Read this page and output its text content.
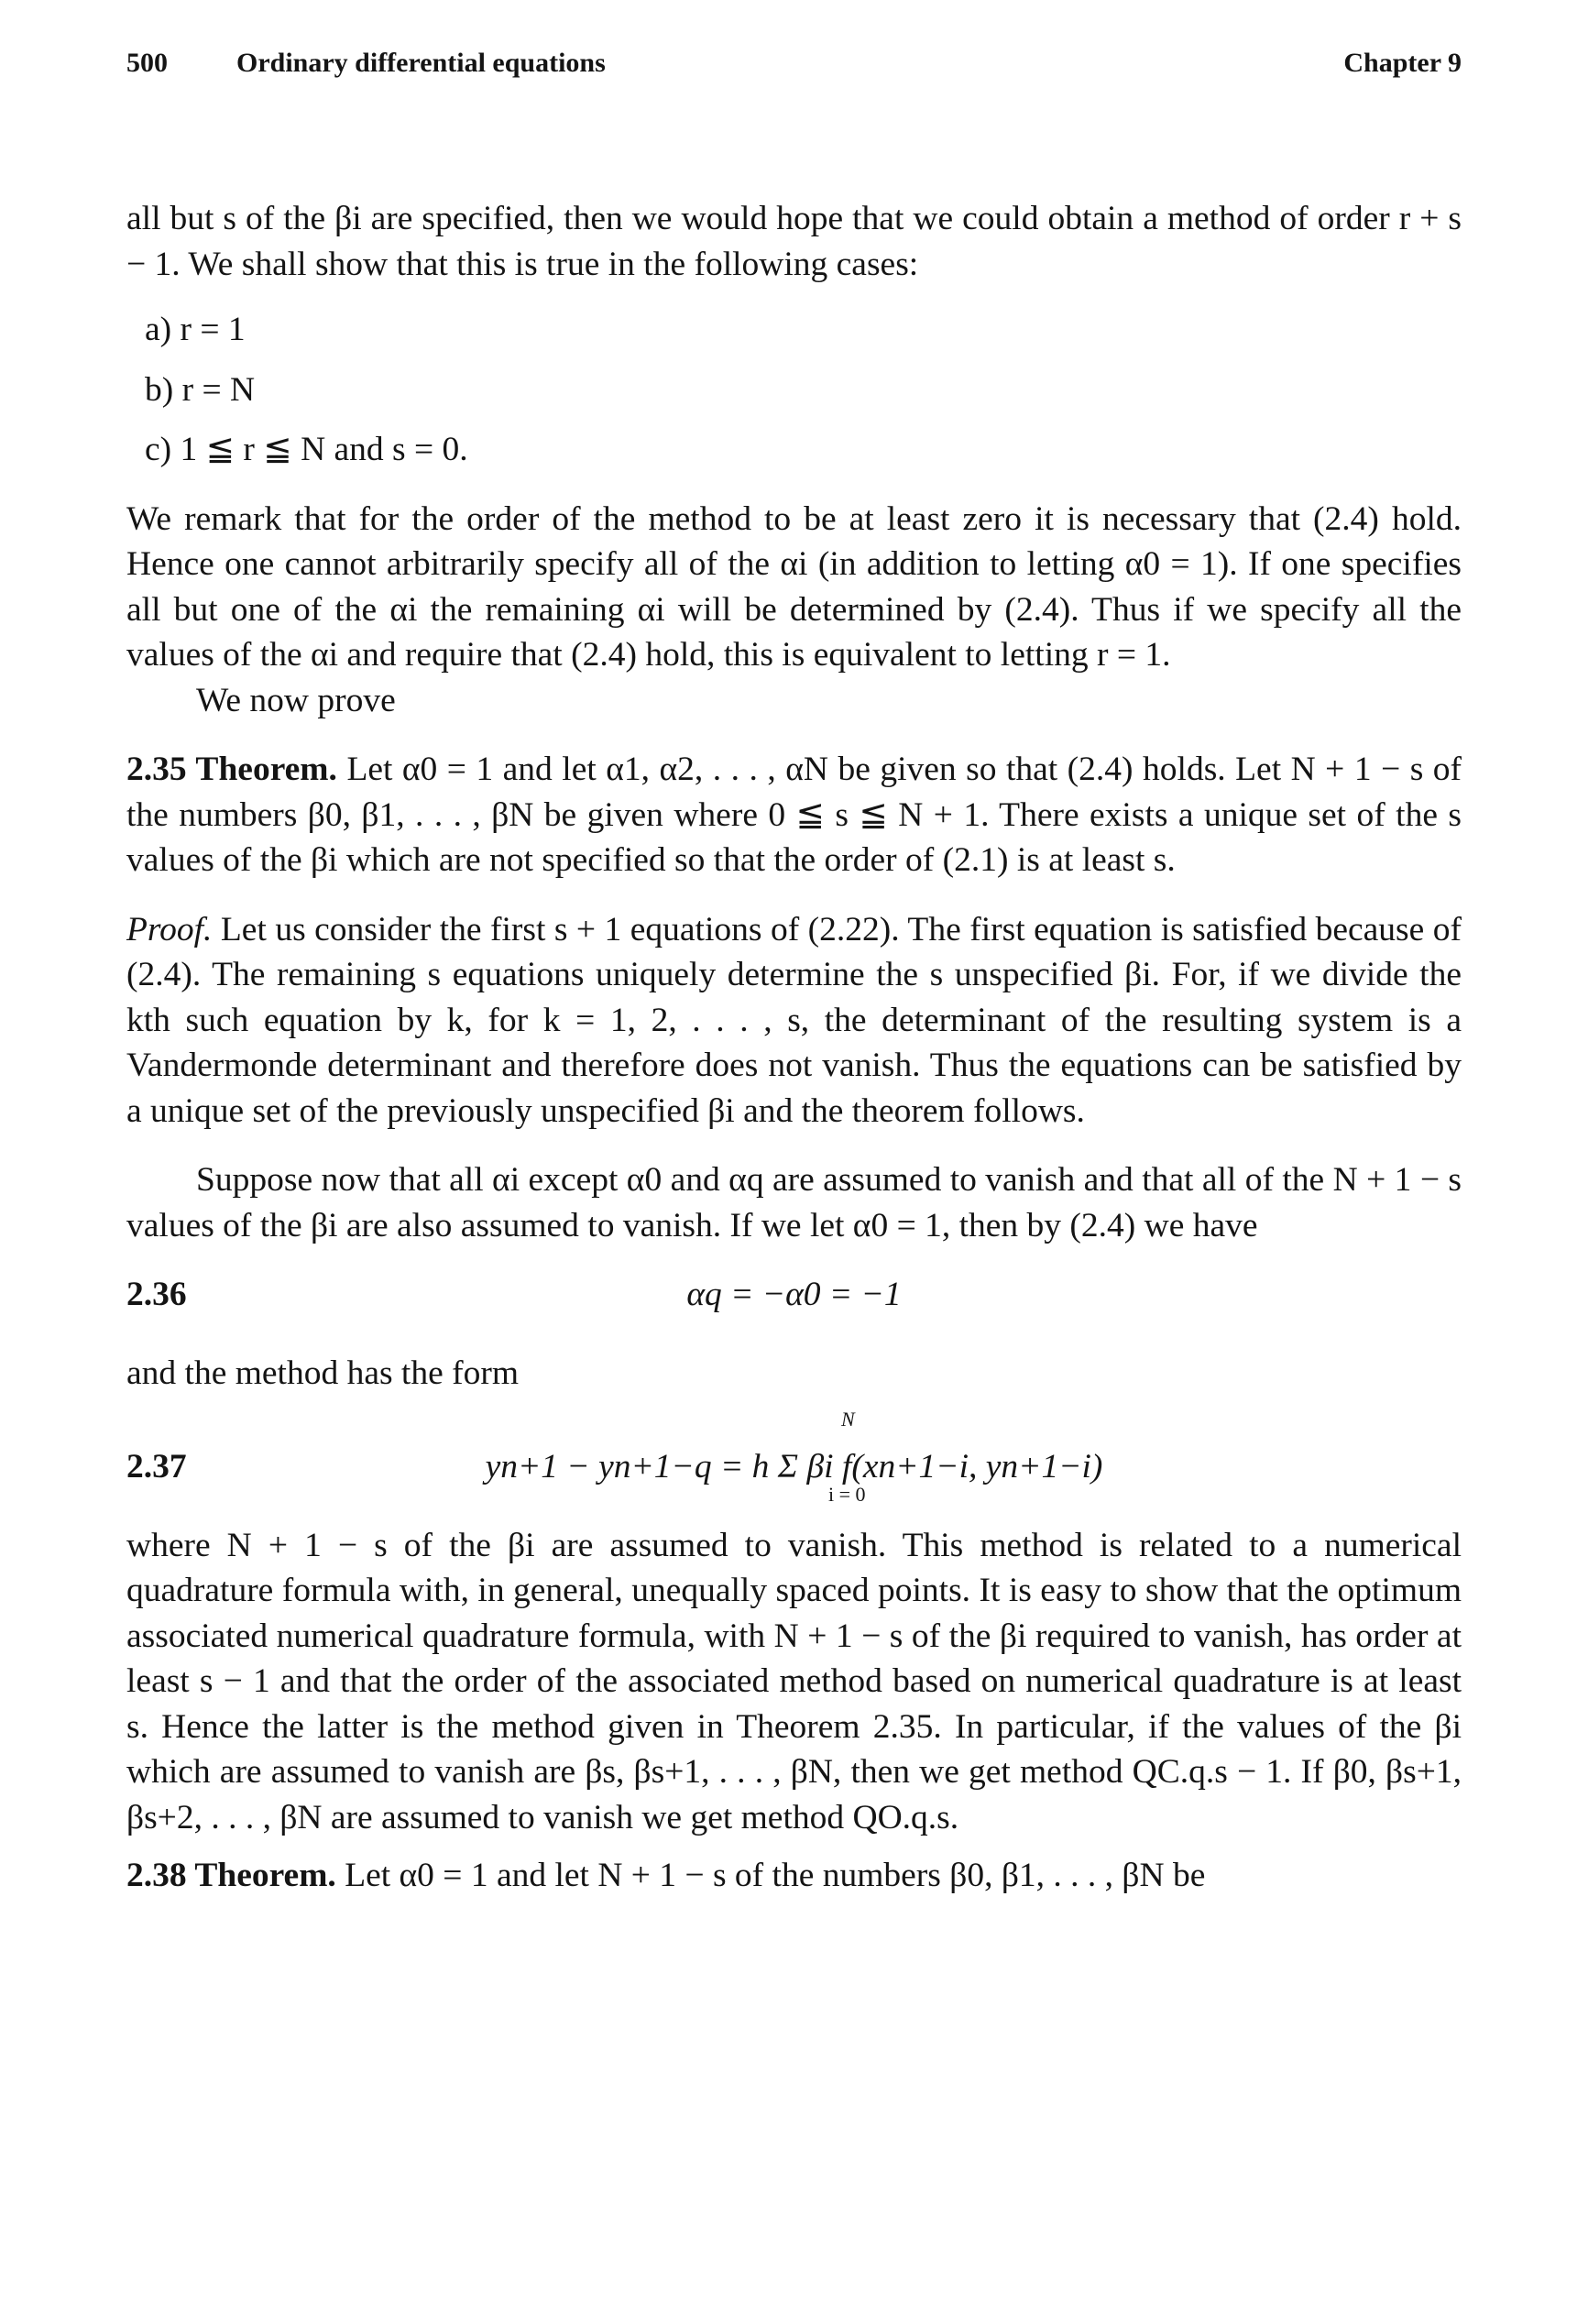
500	Ordinary differential equations	Chapter 9

all but s of the βi are specified, then we would hope that we could obtain a method of order r + s − 1. We shall show that this is true in the following cases:

a) r = 1
b) r = N
c) 1 ≦ r ≦ N and s = 0.

We remark that for the order of the method to be at least zero it is necessary that (2.4) hold. Hence one cannot arbitrarily specify all of the αi (in addition to letting α0 = 1). If one specifies all but one of the αi the remaining αi will be determined by (2.4). Thus if we specify all the values of the αi and require that (2.4) hold, this is equivalent to letting r = 1.

We now prove

2.35 Theorem. Let α0 = 1 and let α1, α2, . . . , αN be given so that (2.4) holds. Let N + 1 − s of the numbers β0, β1, . . . , βN be given where 0 ≦ s ≦ N + 1. There exists a unique set of the s values of the βi which are not specified so that the order of (2.1) is at least s.

Proof. Let us consider the first s + 1 equations of (2.22). The first equation is satisfied because of (2.4). The remaining s equations uniquely determine the s unspecified βi. For, if we divide the kth such equation by k, for k = 1, 2, . . . , s, the determinant of the resulting system is a Vandermonde determinant and therefore does not vanish. Thus the equations can be satisfied by a unique set of the previously unspecified βi and the theorem follows.

Suppose now that all αi except α0 and αq are assumed to vanish and that all of the N + 1 − s values of the βi are also assumed to vanish. If we let α0 = 1, then by (2.4) we have

2.36	αq = −α0 = −1

and the method has the form

2.37	yn+1 − yn+1−q = h Σ βi f(xn+1−i, yn+1−i)
N
i = 0

where N + 1 − s of the βi are assumed to vanish. This method is related to a numerical quadrature formula with, in general, unequally spaced points. It is easy to show that the optimum associated numerical quadrature formula, with N + 1 − s of the βi required to vanish, has order at least s − 1 and that the order of the associated method based on numerical quadrature is at least s. Hence the latter is the method given in Theorem 2.35. In particular, if the values of the βi which are assumed to vanish are βs, βs+1, . . . , βN, then we get method QC.q.s − 1. If β0, βs+1, βs+2, . . . , βN are assumed to vanish we get method QO.q.s.

2.38 Theorem. Let α0 = 1 and let N + 1 − s of the numbers β0, β1, . . . , βN be
